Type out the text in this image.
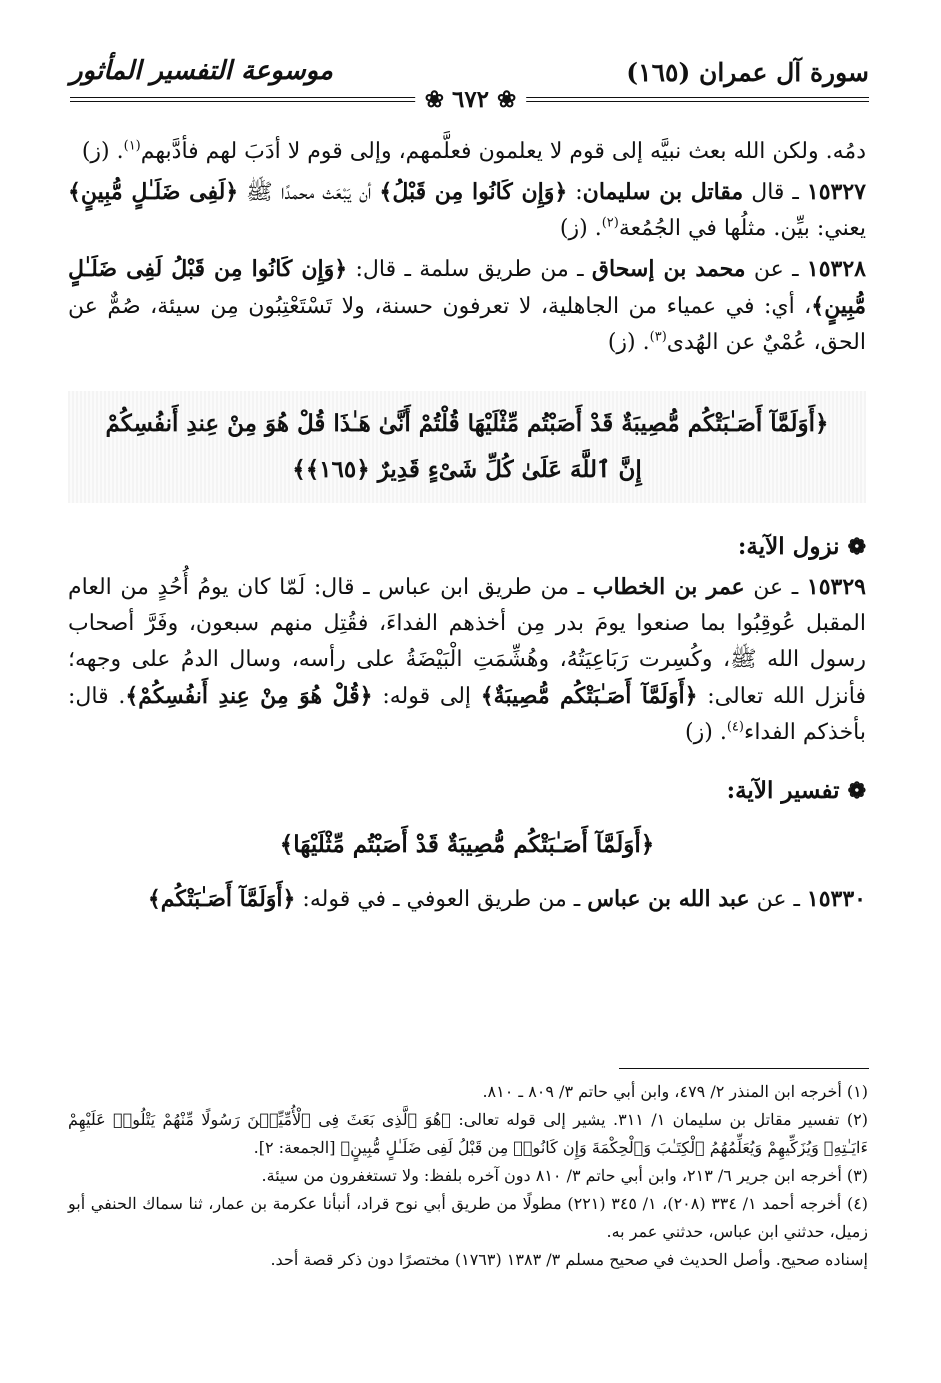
سورة آل عمران (١٦٥)
موسوعة التفسير المأثور
❀ ٦٧٢ ❀

دمُه. ولكن الله بعث نبيَّه إلى قوم لا يعلمون فعلَّمهم، وإلى قوم لا أدَبَ لهم فأدَّبهم$^{(١)}$. (ز)

١٥٣٢٧ ـ قال مقاتل بن سليمان: ﴿وَإِن كَانُوا مِن قَبْلُ﴾ أن يَبْعَث محمدًا ﷺ ﴿لَفِى ضَلَـٰلٍ مُّبِينٍ﴾ يعني: بيِّن. مثلُها في الجُمُعة$^{(٢)}$. (ز)

١٥٣٢٨ ـ عن محمد بن إسحاق ـ من طريق سلمة ـ قال: ﴿وَإِن كَانُوا مِن قَبْلُ لَفِى ضَلَـٰلٍ مُّبِينٍ﴾، أي: في عمياء من الجاهلية، لا تعرفون حسنة، ولا تَسْتَعْتِبُون مِن سيئة، صُمٌّ عن الحق، عُمْيٌ عن الهُدى$^{(٣)}$. (ز)

﴿أَوَلَمَّآ أَصَـٰبَتْكُم مُّصِيبَةٌ قَدْ أَصَبْتُم مِّثْلَيْهَا قُلْتُمْ أَنَّىٰ هَـٰذَا قُلْ هُوَ مِنْ عِندِ أَنفُسِكُمْ
إِنَّ ٱللَّهَ عَلَىٰ كُلِّ شَىْءٍ قَدِيرٌ ﴿١٦٥﴾﴾
❁ نزول الآية:

١٥٣٢٩ ـ عن عمر بن الخطاب ـ من طريق ابن عباس ـ قال: لَمّا كان يومُ أُحُدٍ من العام المقبل عُوقِبُوا بما صنعوا يومَ بدر مِن أخذهم الفداءَ، فقُتِل منهم سبعون، وفَرَّ أصحاب رسول الله ﷺ، وكُسِرت رَبَاعِيَتُهُ، وهُشِّمَتِ الْبَيْضَةُ على رأسه، وسال الدمُ على وجهه؛ فأنزل الله تعالى: ﴿أَوَلَمَّآ أَصَـٰبَتْكُم مُّصِيبَةٌ﴾ إلى قوله: ﴿قُلْ هُوَ مِنْ عِندِ أَنفُسِكُمْ﴾. قال: بأخذكم الفداء$^{(٤)}$. (ز)

❁ تفسير الآية:
﴿أَوَلَمَّآ أَصَـٰبَتْكُم مُّصِيبَةٌ قَدْ أَصَبْتُم مِّثْلَيْهَا﴾

١٥٣٣٠ ـ عن عبد الله بن عباس ـ من طريق العوفي ـ في قوله: ﴿أَوَلَمَّآ أَصَـٰبَتْكُم﴾

(١) أخرجه ابن المنذر ٢/ ٤٧٩، وابن أبي حاتم ٣/ ٨٠٩ ـ ٨١٠.

(٢) تفسير مقاتل بن سليمان ١/ ٣١١. يشير إلى قوله تعالى: ﴿هُوَ ٱلَّذِى بَعَثَ فِى ٱلْأُمِّيِّـۧنَ رَسُولًا مِّنْهُمْ يَتْلُوا۟ عَلَيْهِمْ ءَايَـٰتِهِۦ وَيُزَكِّيهِمْ وَيُعَلِّمُهُمُ ٱلْكِتَـٰبَ وَٱلْحِكْمَةَ وَإِن كَانُوا۟ مِن قَبْلُ لَفِى ضَلَـٰلٍ مُّبِينٍ﴾ [الجمعة: ٢].

(٣) أخرجه ابن جرير ٦/ ٢١٣، وابن أبي حاتم ٣/ ٨١٠ دون آخره بلفظ: ولا تستغفرون من سيئة.

(٤) أخرجه أحمد ١/ ٣٣٤ (٢٠٨)، ١/ ٣٤٥ (٢٢١) مطولًا من طريق أبي نوح قراد، أنبأنا عكرمة بن عمار، ثنا سماك الحنفي أبو زميل، حدثني ابن عباس، حدثني عمر به.

إسناده صحيح. وأصل الحديث في صحيح مسلم ٣/ ١٣٨٣ (١٧٦٣) مختصرًا دون ذكر قصة أحد.
